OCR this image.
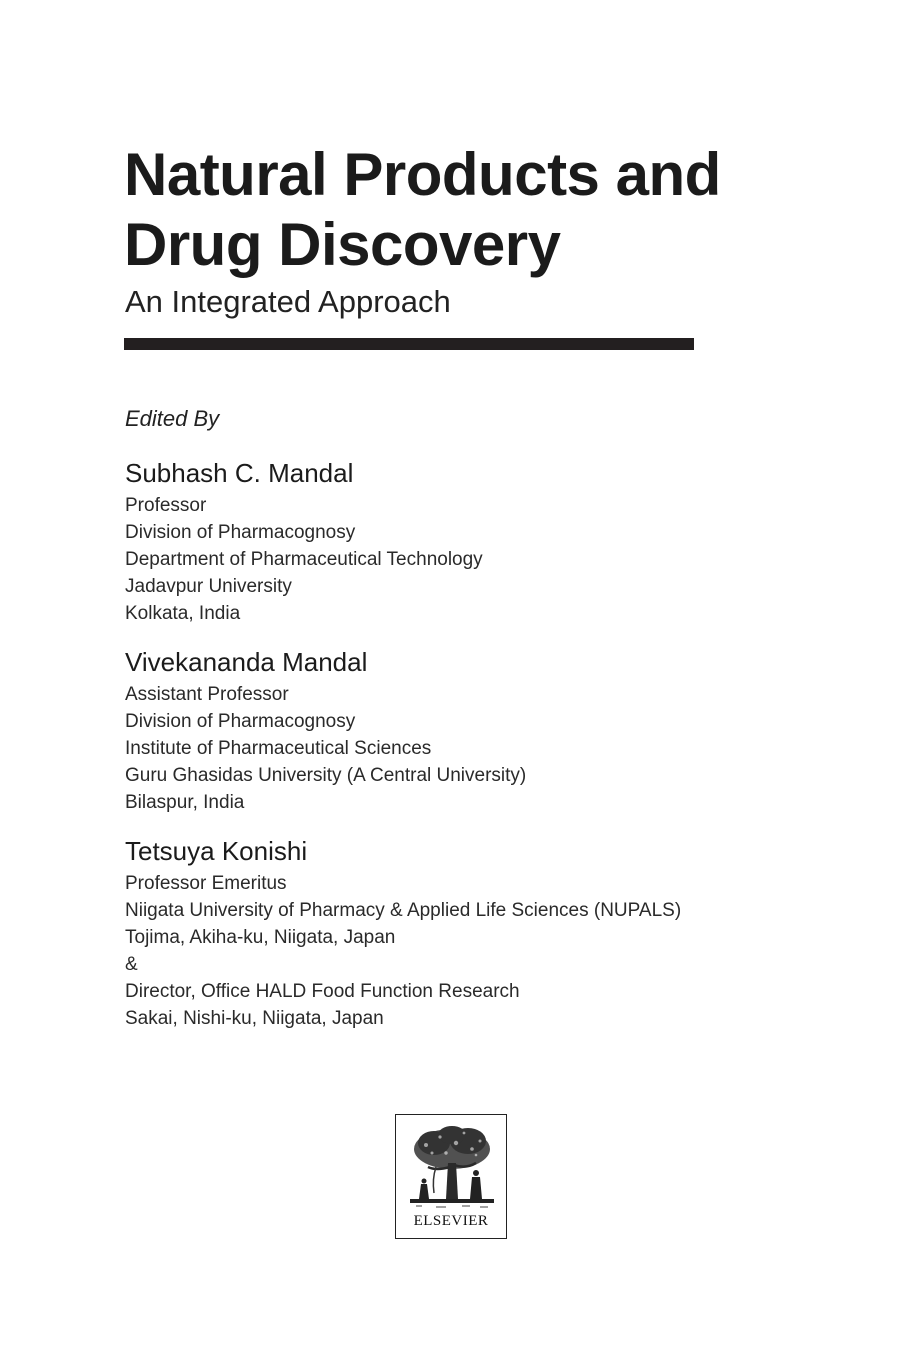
Natural Products and
Drug Discovery
An Integrated Approach
Edited By
Subhash C. Mandal
Professor
Division of Pharmacognosy
Department of Pharmaceutical Technology
Jadavpur University
Kolkata, India
Vivekananda Mandal
Assistant Professor
Division of Pharmacognosy
Institute of Pharmaceutical Sciences
Guru Ghasidas University (A Central University)
Bilaspur, India
Tetsuya Konishi
Professor Emeritus
Niigata University of Pharmacy & Applied Life Sciences (NUPALS)
Tojima, Akiha-ku, Niigata, Japan
&
Director, Office HALD Food Function Research
Sakai, Nishi-ku, Niigata, Japan
ELSEVIER
